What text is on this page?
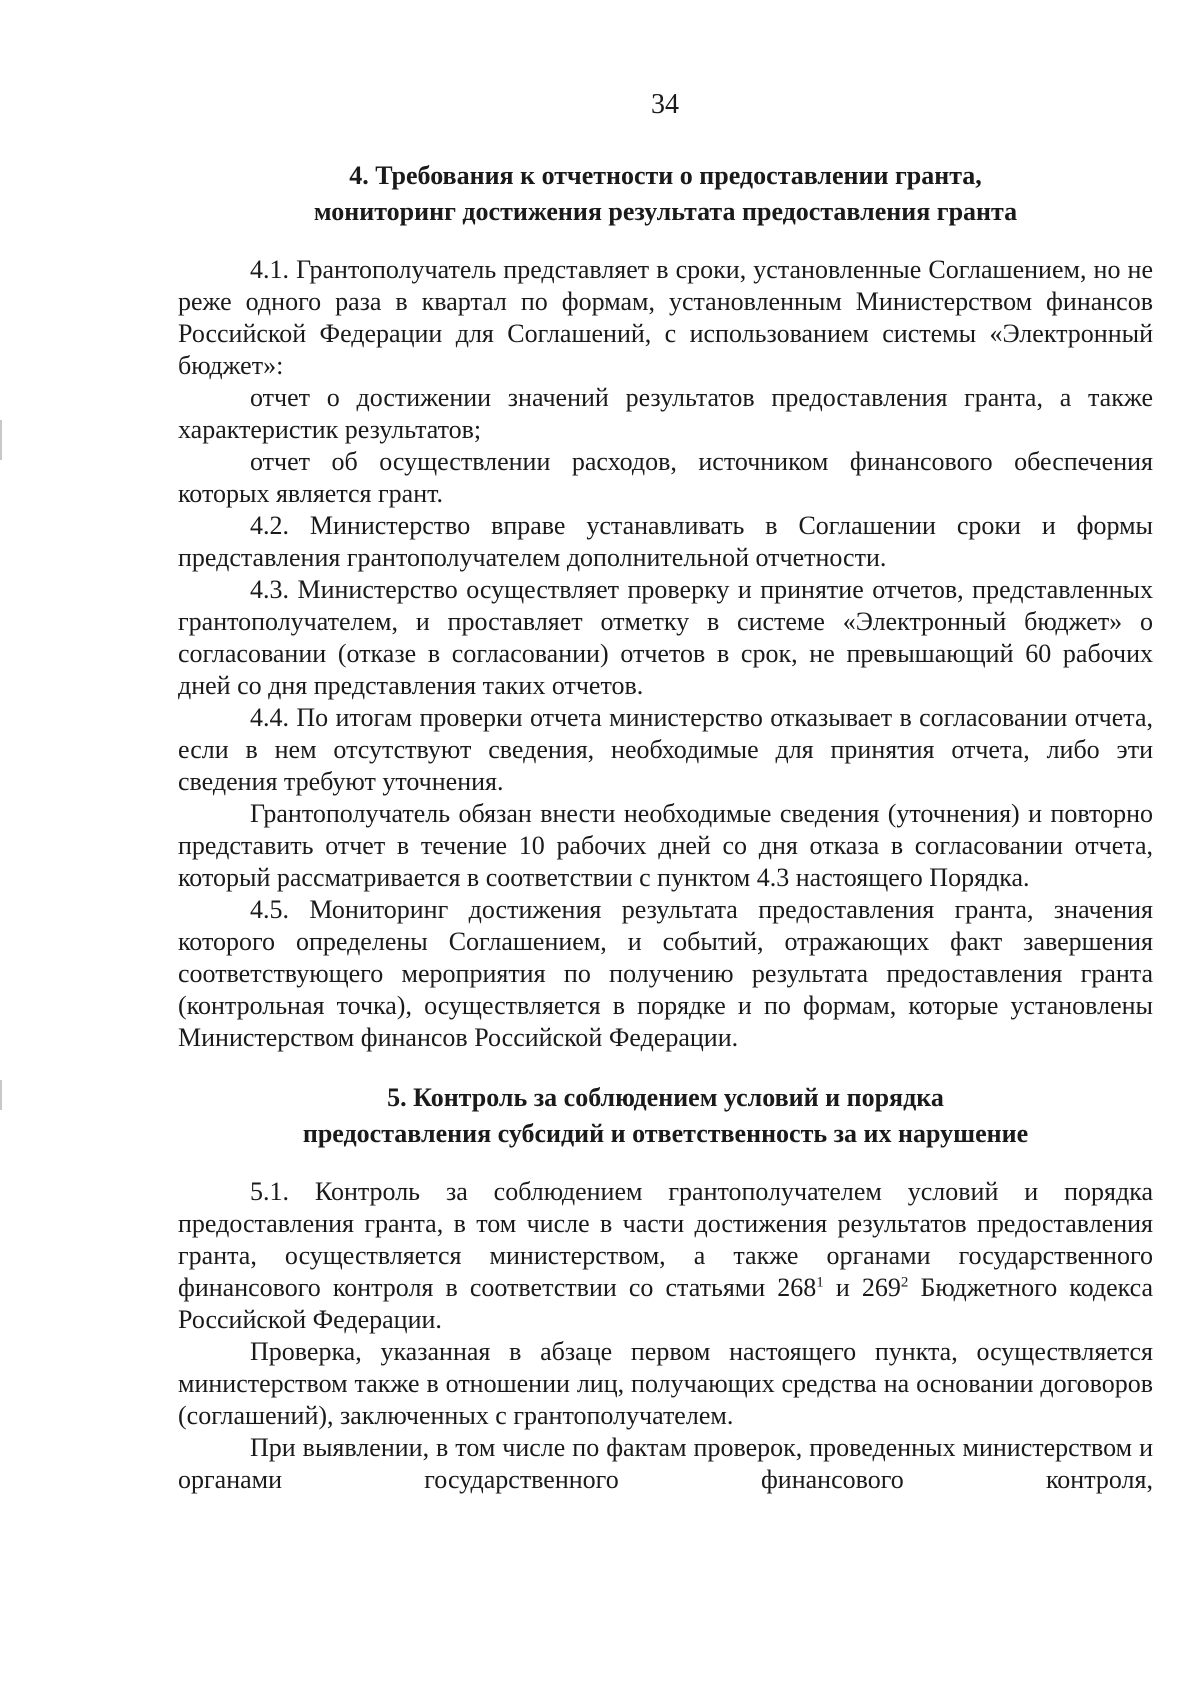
34
4. Требования к отчетности о предоставлении гранта,
мониторинг достижения результата предоставления гранта

4.1. Грантополучатель представляет в сроки, установленные Соглашением, но не реже одного раза в квартал по формам, установленным Министерством финансов Российской Федерации для Соглашений, с использованием системы «Электронный бюджет»:

отчет о достижении значений результатов предоставления гранта, а также характеристик результатов;

отчет об осуществлении расходов, источником финансового обеспечения которых является грант.

4.2. Министерство вправе устанавливать в Соглашении сроки и формы представления грантополучателем дополнительной отчетности.

4.3. Министерство осуществляет проверку и принятие отчетов, представленных грантополучателем, и проставляет отметку в системе «Электронный бюджет» о согласовании (отказе в согласовании) отчетов в срок, не превышающий 60 рабочих дней со дня представления таких отчетов.

4.4. По итогам проверки отчета министерство отказывает в согласовании отчета, если в нем отсутствуют сведения, необходимые для принятия отчета, либо эти сведения требуют уточнения.

Грантополучатель обязан внести необходимые сведения (уточнения) и повторно представить отчет в течение 10 рабочих дней со дня отказа в согласовании отчета, который рассматривается в соответствии с пунктом 4.3 настоящего Порядка.

4.5. Мониторинг достижения результата предоставления гранта, значения которого определены Соглашением, и событий, отражающих факт завершения соответствующего мероприятия по получению результата предоставления гранта (контрольная точка), осуществляется в порядке и по формам, которые установлены Министерством финансов Российской Федерации.

5. Контроль за соблюдением условий и порядка
предоставления субсидий и ответственность за их нарушение

5.1. Контроль за соблюдением грантополучателем условий и порядка предоставления гранта, в том числе в части достижения результатов предоставления гранта, осуществляется министерством, а также органами государственного финансового контроля в соответствии со статьями $268^1$ и $269^2$ Бюджетного кодекса Российской Федерации.

Проверка, указанная в абзаце первом настоящего пункта, осуществляется министерством также в отношении лиц, получающих средства на основании договоров (соглашений), заключенных с грантополучателем.

При выявлении, в том числе по фактам проверок, проведенных министерством и органами государственного финансового контроля,
